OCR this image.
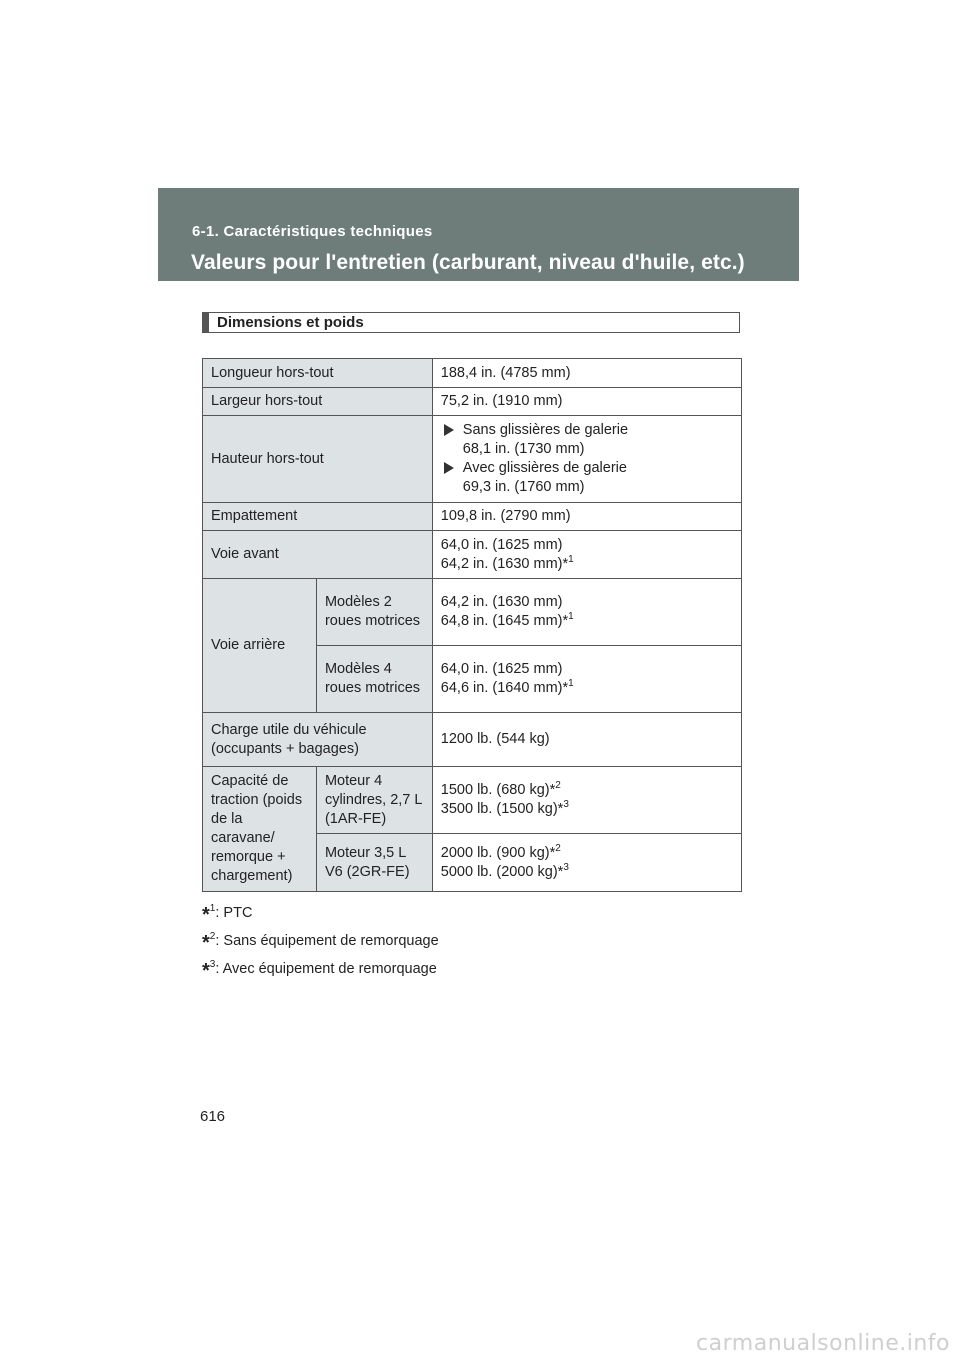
6-1. Caractéristiques techniques
Valeurs pour l'entretien (carburant, niveau d'huile, etc.)
Dimensions et poids
Longueur hors-tout		188,4 in. (4785 mm)
Largeur hors-tout		75,2 in. (1910 mm)
Hauteur hors-tout		Sans glissières de galerie
68,1 in. (1730 mm)
Avec glissières de galerie
69,3 in. (1760 mm)

Empattement		109,8 in. (2790 mm)
Voie avant		64,0 in. (1625 mm)
64,2 in. (1630 mm)*$^1$

Voie arrière	Modèles 2 roues motrices	64,2 in. (1630 mm)
64,8 in. (1645 mm)*$^1$

	Modèles 4 roues motrices	64,0 in. (1625 mm)
64,6 in. (1640 mm)*$^1$

Charge utile du véhicule (occupants + bagages)		1200 lb. (544 kg)
Capacité de traction (poids de la caravane/ remorque + chargement)	Moteur 4 cylindres, 2,7 L (1AR-FE)	1500 lb. (680 kg)*$^2$
3500 lb. (1500 kg)*$^3$

	Moteur 3,5 L V6 (2GR-FE)	2000 lb. (900 kg)*$^2$
5000 lb. (2000 kg)*$^3$
*$^1$: PTC
*$^2$: Sans équipement de remorquage
*$^3$: Avec équipement de remorquage
616
carmanualsonline.info
